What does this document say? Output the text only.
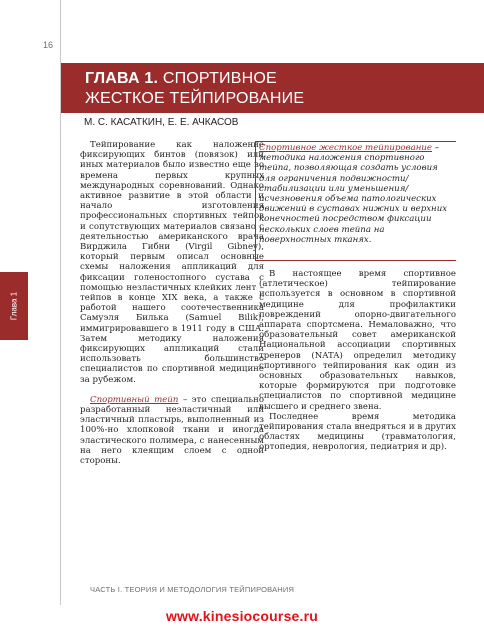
16
Глава 1
ГЛАВА 1. СПОРТИВНОЕ
ЖЕСТКОЕ ТЕЙПИРОВАНИЕ
М. С. КАСАТКИН, Е. Е. АЧКАСОВ

Тейпирование как наложение фиксирующих бинтов (повязок) или иных материалов было известно еще во времена первых крупных международных соревнований. Однако активное развитие в этой области и начало изготовления профессиональных спортивных тейпов и сопутствующих материалов связано с деятельностью американского врача Вирджила Гибни (Virgil Gibney), который первым описал основные схемы наложения аппликаций для фиксации голеностопного сустава с помощью незластичных клейких лент – тейпов в конце XIX века, а также с работой нашего соотечественника Самуэля Билька (Samuel Bilik), иммигрировавшего в 1911 году в США. Затем методику наложения фиксирующих аппликаций стали использовать большинство специалистов по спортивной медицине за рубежом.

Спортивный тейп – это специально разработанный неэластичный или эластичный пластырь, выполненный из 100%-но хлопковой ткани и иногда эластического полимера, с нанесенным на него клеящим слоем с одной стороны.

Спортивное жесткое тейпирование – методика наложения спортивного тейпа, позволяющая создать условия для ограничения подвижности/стабилизации или уменьшения/исчезновения объема патологических движений в суставах нижних и верхних конечностей посредством фиксации нескольких слоев тейпа на поверхностных тканях.

В настоящее время спортивное (атлетическое) тейпирование используется в основном в спортивной медицине для профилактики повреждений опорно-двигательного аппарата спортсмена. Немаловажно, что образовательный совет американской Национальной ассоциации спортивных тренеров (NATA) определил методику спортивного тейпирования как один из основных образовательных навыков, которые формируются при подготовке специалистов по спортивной медицине высшего и среднего звена.

Последнее время методика тейпирования стала внедряться и в других областях медицины (травматология, ортопедия, неврология, педиатрия и др).

ЧАСТЬ I. ТЕОРИЯ И МЕТОДОЛОГИЯ ТЕЙПИРОВАНИЯ
www.kinesiocourse.ru
